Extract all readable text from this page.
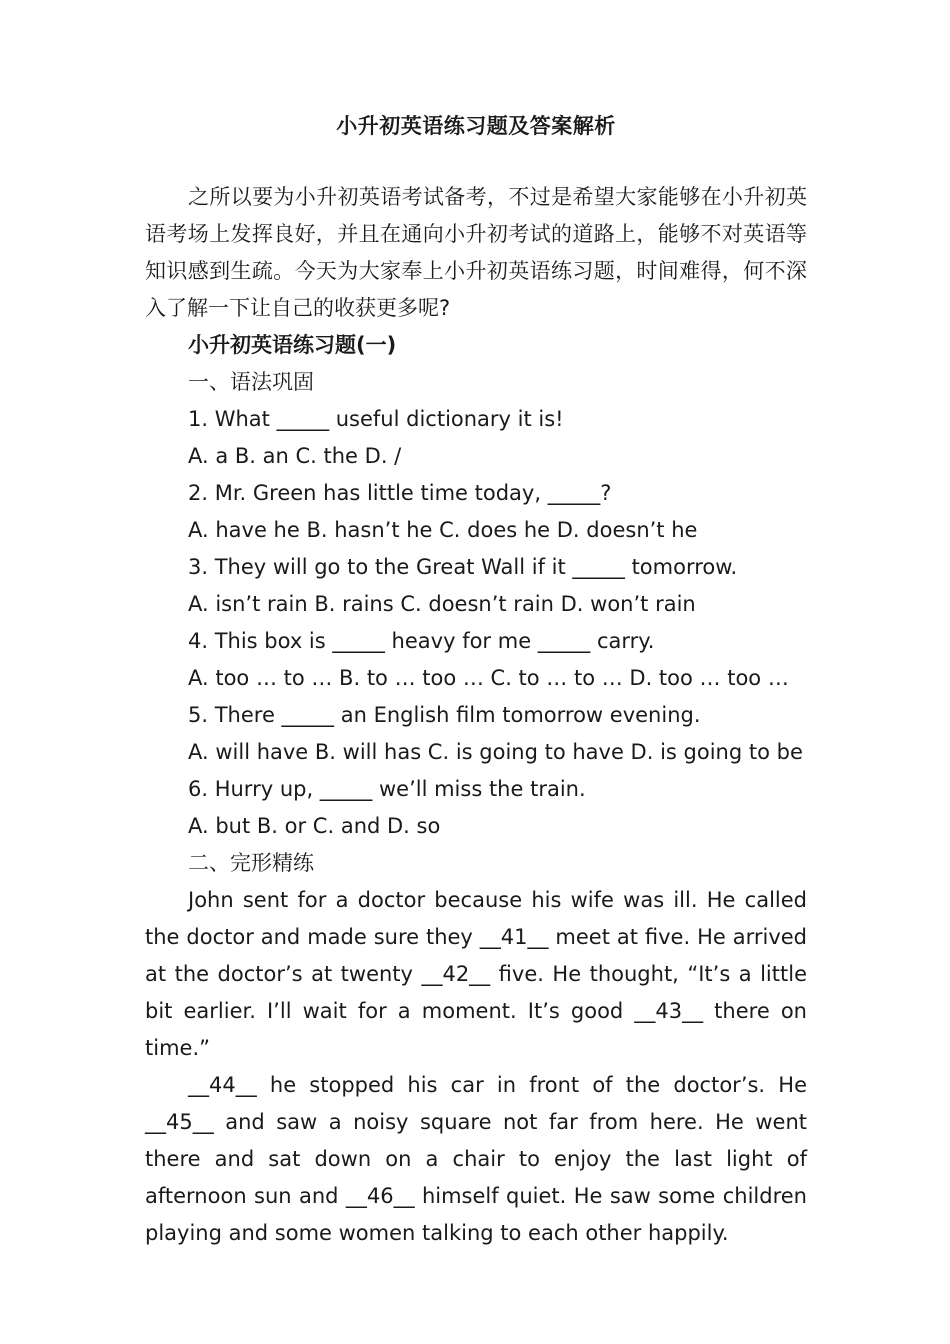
小升初英语练习题及答案解析

之所以要为小升初英语考试备考，不过是希望大家能够在小升初英语考场上发挥良好，并且在通向小升初考试的道路上，能够不对英语等知识感到生疏。今天为大家奉上小升初英语练习题，时间难得，何不深入了解一下让自己的收获更多呢?

小升初英语练习题(一)
一、语法巩固
1. What _____ useful dictionary it is!
A. a B. an C. the D. /
2. Mr. Green has little time today, _____?
A. have he B. hasn’t he C. does he D. doesn’t he
3. They will go to the Great Wall if it _____ tomorrow.
A. isn’t rain B. rains C. doesn’t rain D. won’t rain
4. This box is _____ heavy for me _____ carry.
A. too … to … B. to … too … C. to … to … D. too … too …
5. There _____ an English film tomorrow evening.
A. will have B. will has C. is going to have D. is going to be
6. Hurry up, _____ we’ll miss the train.
A. but B. or C. and D. so
二、完形精练

John sent for a doctor because his wife was ill. He called the doctor and made sure they __41__ meet at five. He arrived at the doctor’s at twenty __42__ five. He thought, “It’s a little bit earlier. I’ll wait for a moment. It’s good __43__ there on time.”

__44__ he stopped his car in front of the doctor’s. He __45__ and saw a noisy square not far from here. He went there and sat down on a chair to enjoy the last light of afternoon sun and __46__ himself quiet. He saw some children playing and some women talking to each other happily.
